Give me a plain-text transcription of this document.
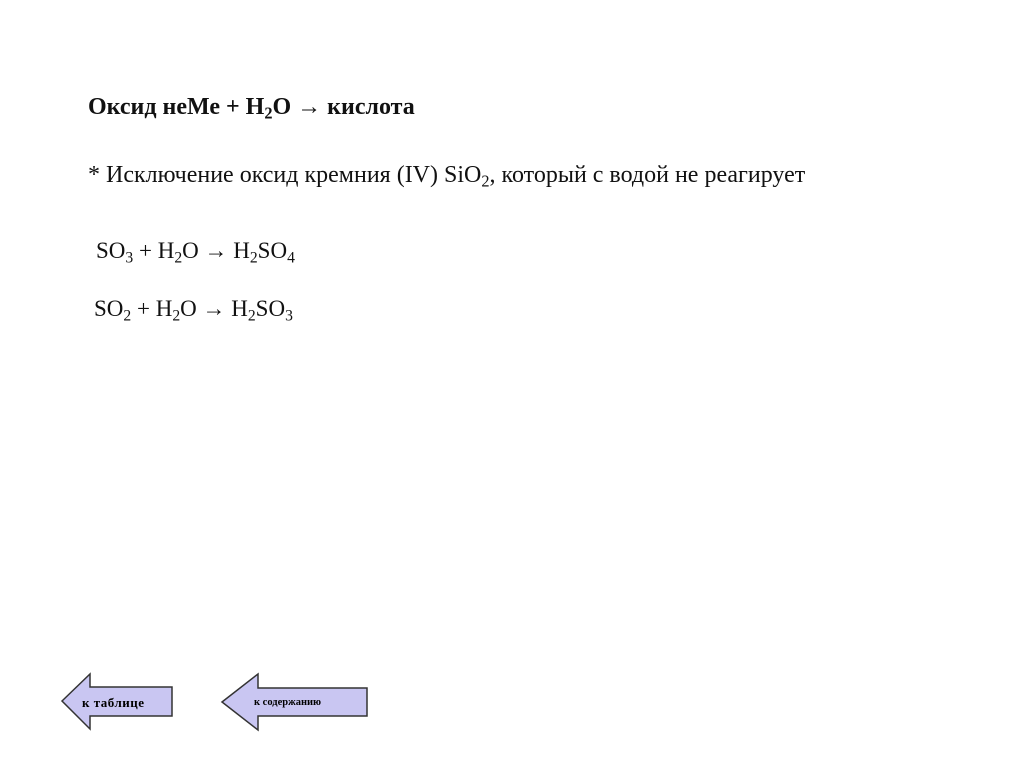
Оксид неМе + $H_2O$ → кислота
* Исключение оксид кремния (IV) SiO$_2$, который с водой не реагирует
$SO_3 + H_2O \to H_2SO_4$
$SO_2 + H_2O \to H_2SO_3$
к таблице	к содержанию
